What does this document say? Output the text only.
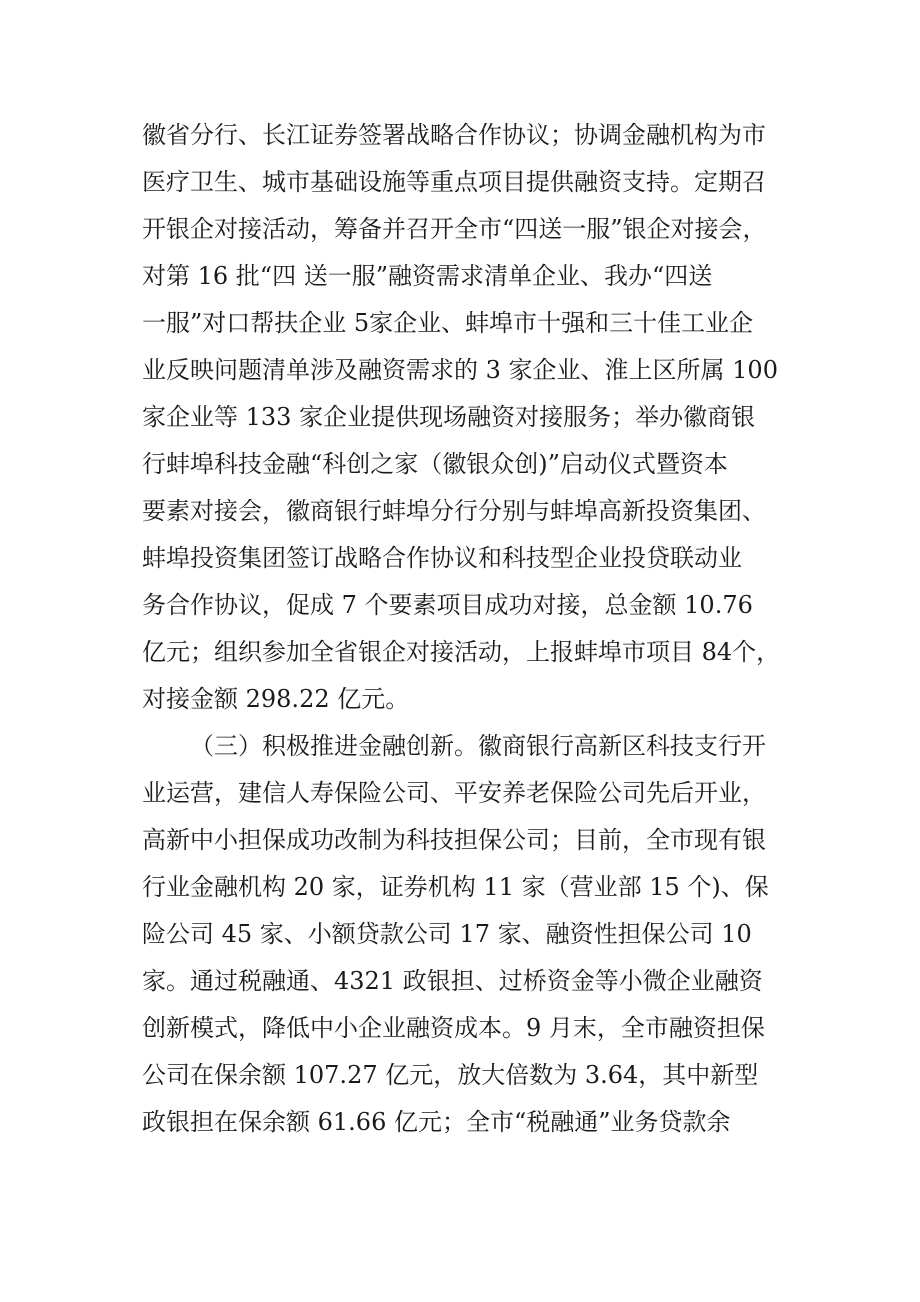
徽省分行、长江证券签署战略合作协议；协调金融机构为市
医疗卫生、城市基础设施等重点项目提供融资支持。定期召
开银企对接活动，筹备并召开全市“四送一服”银企对接会，
对第 16 批“四 送一服”融资需求清单企业、我办“四送
一服”对口帮扶企业 5家企业、蚌埠市十强和三十佳工业企
业反映问题清单涉及融资需求的 3 家企业、淮上区所属 100
家企业等 133 家企业提供现场融资对接服务；举办徽商银
行蚌埠科技金融“科创之家（徽银众创)”启动仪式暨资本
要素对接会，徽商银行蚌埠分行分别与蚌埠高新投资集团、
蚌埠投资集团签订战略合作协议和科技型企业投贷联动业
务合作协议，促成 7 个要素项目成功对接，总金额 10.76
亿元；组织参加全省银企对接活动，上报蚌埠市项目 84个，
对接金额 298.22 亿元。
（三）积极推进金融创新。徽商银行高新区科技支行开
业运营，建信人寿保险公司、平安养老保险公司先后开业，
高新中小担保成功改制为科技担保公司；目前，全市现有银
行业金融机构 20 家，证券机构 11 家（营业部 15 个)、保
险公司 45 家、小额贷款公司 17 家、融资性担保公司 10
家。通过税融通、4321 政银担、过桥资金等小微企业融资
创新模式，降低中小企业融资成本。9 月末，全市融资担保
公司在保余额 107.27 亿元，放大倍数为 3.64，其中新型
政银担在保余额 61.66 亿元；全市“税融通”业务贷款余
